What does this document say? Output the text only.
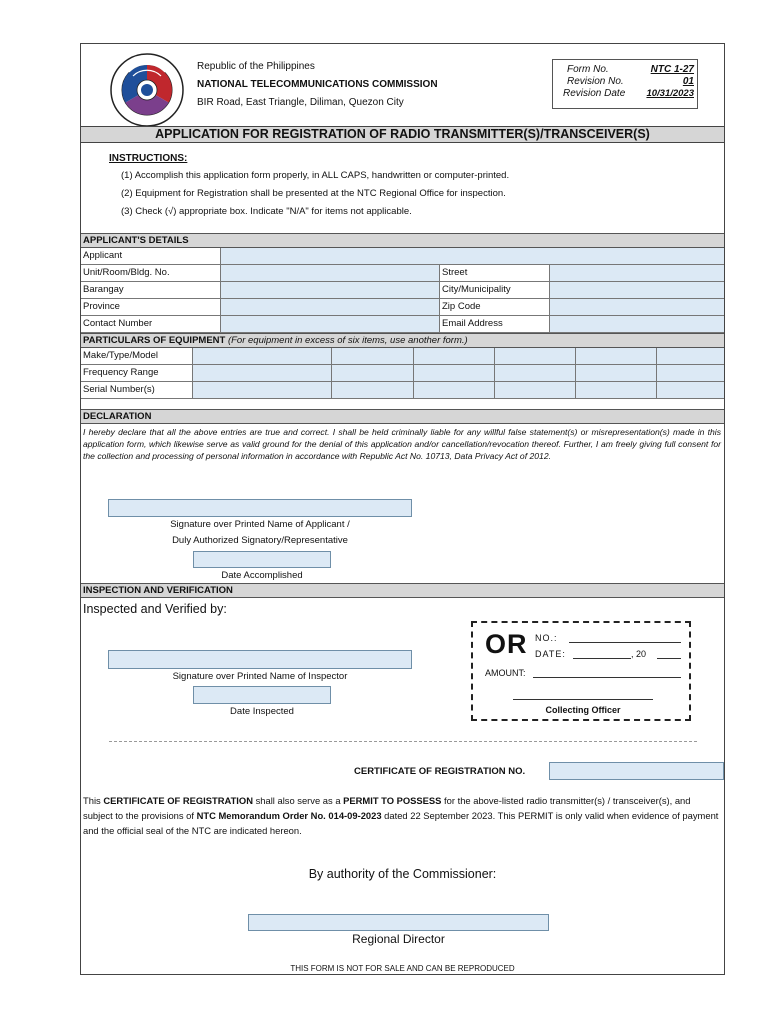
Republic of the Philippines
NATIONAL TELECOMMUNICATIONS COMMISSION
BIR Road, East Triangle, Diliman, Quezon City
Form No.	NTC 1-27
Revision No.	01
Revision Date 10/31/2023
APPLICATION FOR REGISTRATION OF RADIO TRANSMITTER(S)/TRANSCEIVER(S)
INSTRUCTIONS:
(1) Accomplish this application form properly, in ALL CAPS, handwritten or computer-printed.
(2) Equipment for Registration shall be presented at the NTC Regional Office for inspection.
(3) Check (√) appropriate box. Indicate "N/A" for items not applicable.
APPLICANT'S DETAILS
Applicant
Unit/Room/Bldg. No.	Street
Barangay	City/Municipality
Province	Zip Code
Contact Number	Email Address
PARTICULARS OF EQUIPMENT (For equipment in excess of six items, use another form.)
Make/Type/Model
Frequency Range
Serial Number(s)
DECLARATION
I hereby declare that all the above entries are true and correct. I shall be held criminally liable for any willful false statement(s) or misrepresentation(s) made in this application form, which likewise serve as valid ground for the denial of this application and/or cancellation/revocation thereof. Further, I am freely giving full consent for the collection and processing of personal information in accordance with Republic Act No. 10713, Data Privacy Act of 2012.
Signature over Printed Name of Applicant /
Duly Authorized Signatory/Representative
Date Accomplished
INSPECTION AND VERIFICATION
Inspected and Verified by:
Signature over Printed Name of Inspector
Date Inspected
OR NO.:
DATE:	, 20
AMOUNT:
Collecting Officer
CERTIFICATE OF REGISTRATION NO.
This CERTIFICATE OF REGISTRATION shall also serve as a PERMIT TO POSSESS for the above-listed radio transmitter(s) / transceiver(s), and subject to the provisions of NTC Memorandum Order No. 014-09-2023 dated 22 September 2023. This PERMIT is only valid when evidence of payment and the official seal of the NTC are indicated hereon.
By authority of the Commissioner:
Regional Director
THIS FORM IS NOT FOR SALE AND CAN BE REPRODUCED
